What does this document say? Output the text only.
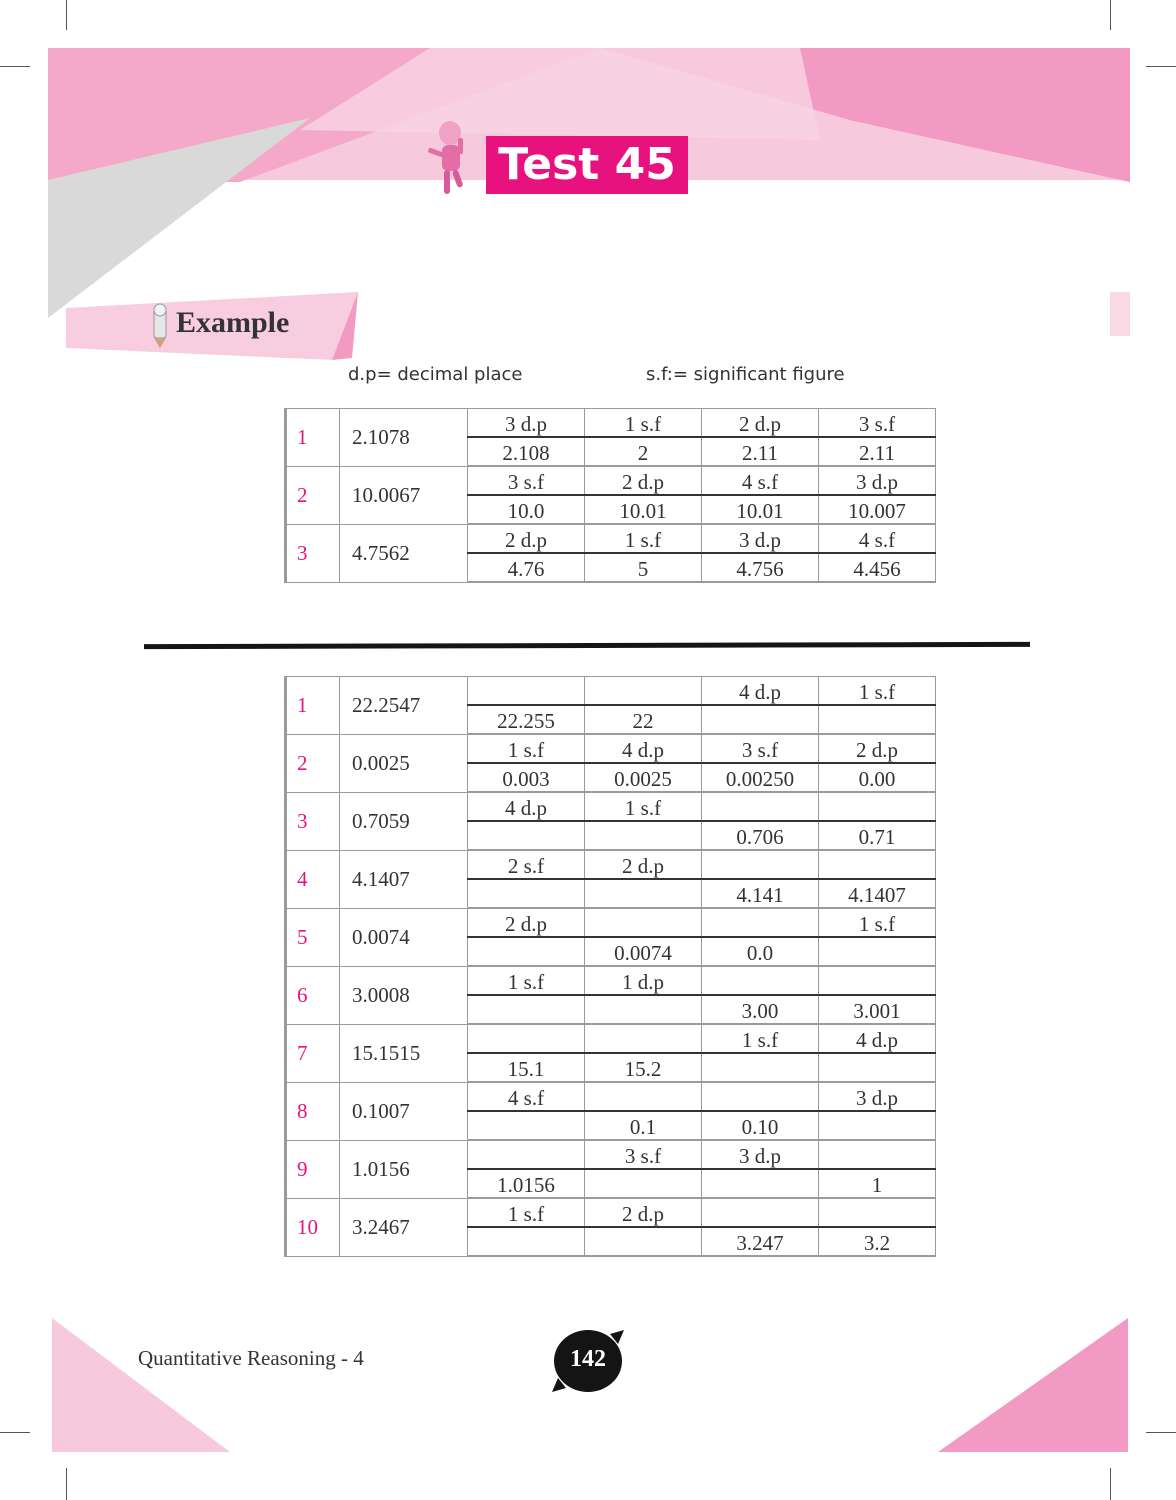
Test 45
Example
d.p= decimal place	s.f:= significant figure
1	2.1078	3 d.p	1 s.f	2 d.p	3 s.f
		2.108	2	2.11	2.11
2	10.0067	3 s.f	2 d.p	4 s.f	3 d.p
		10.0	10.01	10.01	10.007
3	4.7562	2 d.p	1 s.f	3 d.p	4 s.f
		4.76	5	4.756	4.456
1	22.2547			4 d.p	1 s.f
		22.255	22		
2	0.0025	1 s.f	4 d.p	3 s.f	2 d.p
		0.003	0.0025	0.00250	0.00
3	0.7059	4 d.p	1 s.f		
				0.706	0.71
4	4.1407	2 s.f	2 d.p		
				4.141	4.1407
5	0.0074	2 d.p			1 s.f
			0.0074	0.0	
6	3.0008	1 s.f	1 d.p		
				3.00	3.001
7	15.1515			1 s.f	4 d.p
		15.1	15.2		
8	0.1007	4 s.f			3 d.p
			0.1	0.10	
9	1.0156		3 s.f	3 d.p	
		1.0156			1
10	3.2467	1 s.f	2 d.p		
				3.247	3.2
Quantitative Reasoning - 4	142
